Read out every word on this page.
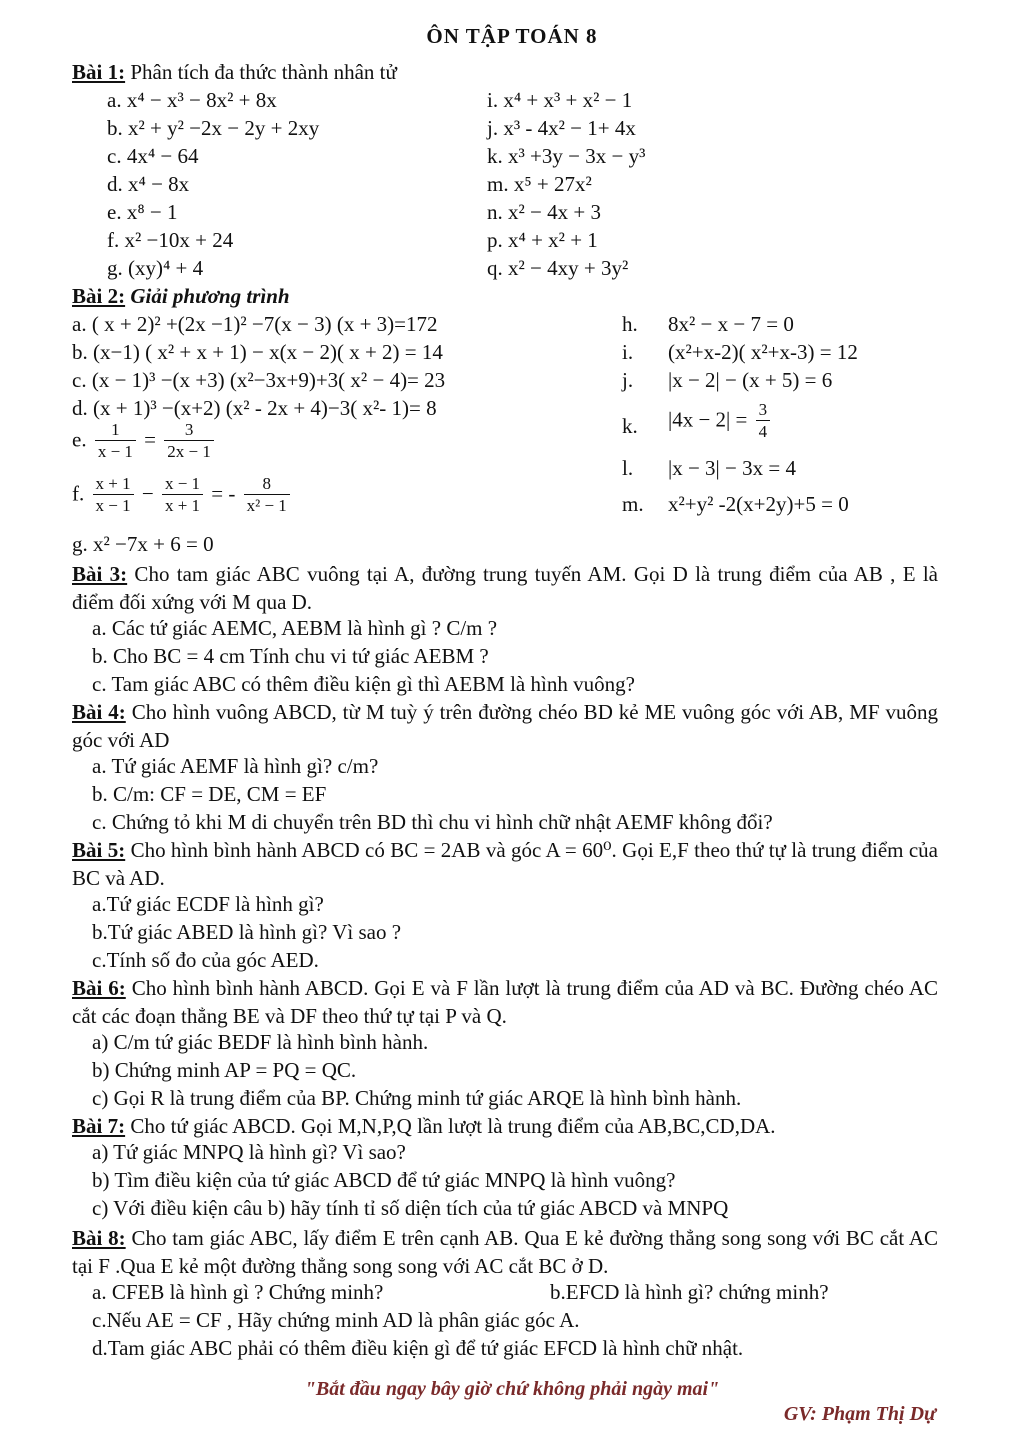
ÔN TẬP TOÁN 8
Bài 1: Phân tích đa thức thành nhân tử
a. x⁴ − x³ − 8x² + 8x
b. x² + y² −2x − 2y + 2xy
c. 4x⁴ − 64
d. x⁴ − 8x
e. x⁸ − 1
f. x² −10x + 24
g. (xy)⁴ + 4
i. x⁴ + x³ + x² − 1
j. x³ - 4x² − 1+ 4x
k. x³ +3y − 3x − y³
m. x⁵ + 27x²
n. x² − 4x + 3
p. x⁴ + x² + 1
q. x² − 4xy + 3y²
Bài 2: Giải phương trình
a. ( x + 2)² +(2x −1)² −7(x − 3) (x + 3)=172
b. (x−1) ( x² + x + 1) − x(x − 2)( x + 2) = 14
c. (x − 1)³ −(x +3) (x²−3x+9)+3( x² − 4)= 23
d. (x + 1)³ −(x+2) (x² - 2x + 4)−3( x²- 1)= 8
e. $\frac{1}{x - 1} = \frac{3}{2x - 1}$
f. $\frac{x + 1}{x - 1} - \frac{x - 1}{x + 1}$ = - $\frac{8}{\text{x² − 1}}$
g. x² −7x + 6 = 0
h. 8x² − x − 7 = 0
i. (x²+x-2)( x²+x-3) = 12
j. |x − 2| − (x + 5) = 6
k. $|4x - 2| = \frac{3}{4}$
l. |x − 3| − 3x = 4
m. x²+y² -2(x+2y)+5 = 0
Bài 3: Cho tam giác ABC vuông tại A, đường trung tuyến AM. Gọi D là trung điểm của AB , E là điểm đối xứng với M qua D.
a. Các tứ giác AEMC, AEBM là hình gì ? C/m ?
b. Cho BC = 4 cm Tính chu vi tứ giác AEBM ?
c. Tam giác ABC có thêm điều kiện gì thì AEBM là hình vuông?
Bài 4: Cho hình vuông ABCD, từ M tuỳ ý trên đường chéo BD kẻ ME vuông góc với AB, MF vuông góc với AD
a. Tứ giác AEMF là hình gì? c/m?
b. C/m: CF = DE, CM = EF
c. Chứng tỏ khi M di chuyển trên BD thì chu vi hình chữ nhật AEMF không đổi?
Bài 5: Cho hình bình hành ABCD có BC = 2AB và góc A = 60⁰. Gọi E,F theo thứ tự là trung điểm của BC và AD.
a.Tứ giác ECDF là hình gì?
b.Tứ giác ABED là hình gì? Vì sao ?
c.Tính số đo của góc AED.
Bài 6: Cho hình bình hành ABCD. Gọi E và F lần lượt là trung điểm của AD và BC. Đường chéo AC cắt các đoạn thẳng BE và DF theo thứ tự tại P và Q.
a) C/m tứ giác BEDF là hình bình hành.
b) Chứng minh AP = PQ = QC.
c) Gọi R là trung điểm của BP. Chứng minh tứ giác ARQE là hình bình hành.
Bài 7: Cho tứ giác ABCD. Gọi M,N,P,Q lần lượt là trung điểm của AB,BC,CD,DA.
a) Tứ giác MNPQ là hình gì? Vì sao?
b) Tìm điều kiện của tứ giác ABCD để tứ giác MNPQ là hình vuông?
c) Với điều kiện câu b) hãy tính tỉ số diện tích của tứ giác ABCD và MNPQ
Bài 8: Cho tam giác ABC, lấy điểm E trên cạnh AB. Qua E kẻ đường thẳng song song với BC cắt AC tại F .Qua E kẻ một đường thẳng song song với AC cắt BC ở D.
a. CFEB là hình gì ? Chứng minh?	b.EFCD là hình gì? chứng minh?
c.Nếu AE = CF , Hãy chứng minh AD là phân giác góc A.
d.Tam giác ABC phải có thêm điều kiện gì để tứ giác EFCD là hình chữ nhật.
"Bắt đầu ngay bây giờ chứ không phải ngày mai"
GV: Phạm Thị Dự
